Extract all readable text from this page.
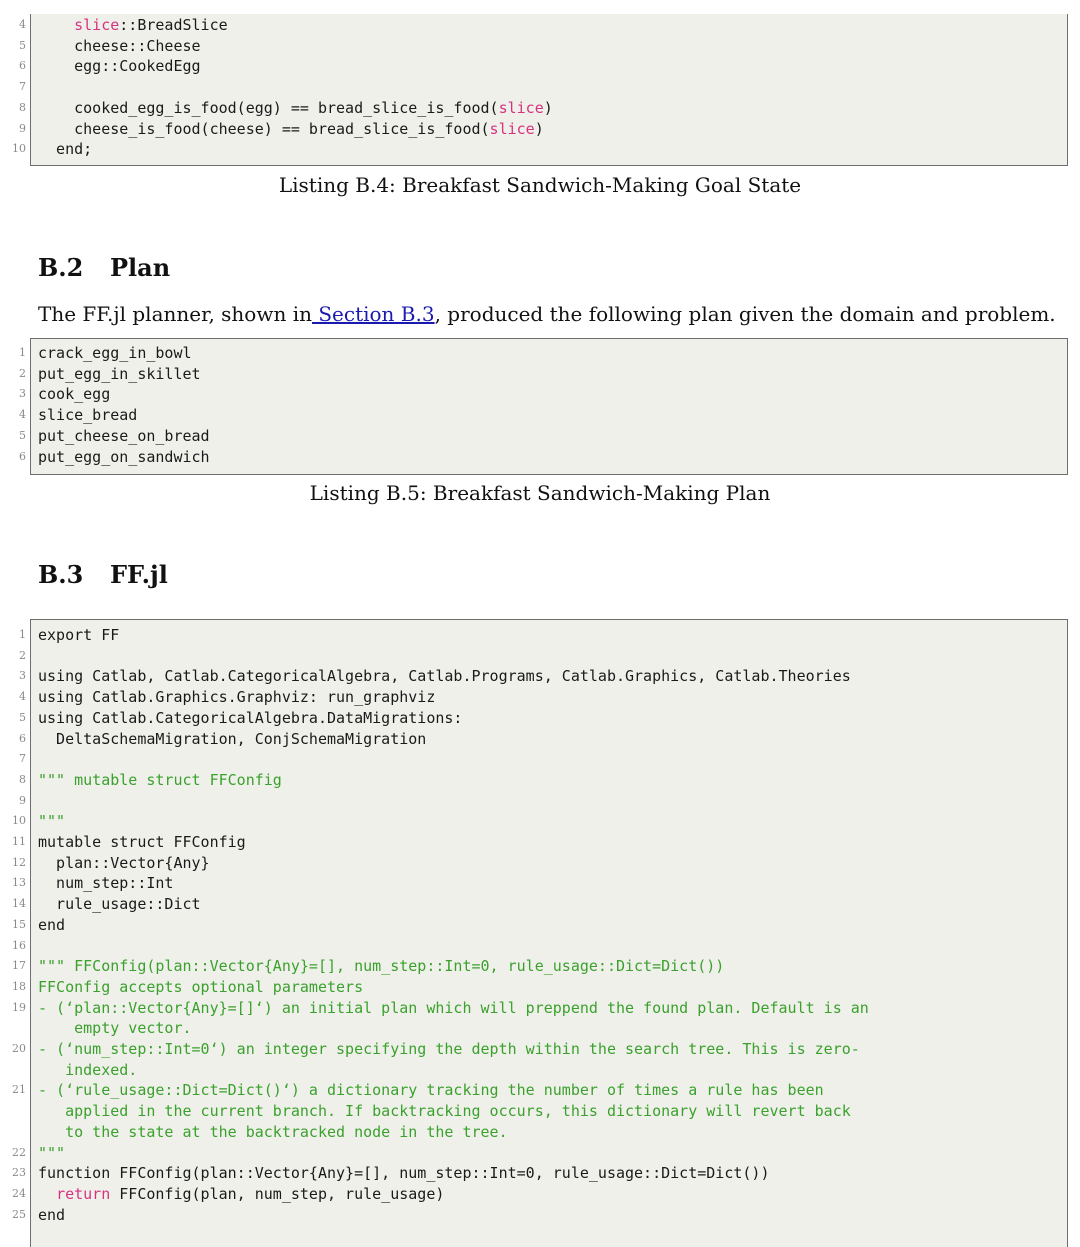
4	slice::BreadSlice
5 cheese::Cheese
6 egg::CookedEgg
7
8 cooked_egg_is_food(egg) == bread_slice_is_food(slice)
9 cheese_is_food(cheese) == bread_slice_is_food(slice)
10 end;
Listing B.4: Breakfast Sandwich-Making Goal State
B.2 Plan
The FF.jl planner, shown in Section B.3, produced the following plan given the domain and problem.
1 crack_egg_in_bowl
2 put_egg_in_skillet
3 cook_egg
4 slice_bread
5 put_cheese_on_bread
6 put_egg_on_sandwich
Listing B.5: Breakfast Sandwich-Making Plan
B.3 FF.jl
1 export FF
2
3 using Catlab, Catlab.CategoricalAlgebra, Catlab.Programs, Catlab.Graphics, Catlab.Theories
4 using Catlab.Graphics.Graphviz: run_graphviz
5 using Catlab.CategoricalAlgebra.DataMigrations:
6 DeltaSchemaMigration, ConjSchemaMigration
7
8 """ mutable struct FFConfig
9
10 """
11 mutable struct FFConfig
12 plan::Vector{Any}
13 num_step::Int
14 rule_usage::Dict
15 end
16
17 """ FFConfig(plan::Vector{Any}=[], num_step::Int=0, rule_usage::Dict=Dict())
18 FFConfig accepts optional parameters
19 - (‘plan::Vector{Any}=[]‘) an initial plan which will preppend the found plan. Default is an
empty vector.
20 - (‘num_step::Int=0‘) an integer specifying the depth within the search tree. This is zero-
indexed.
21 - (‘rule_usage::Dict=Dict()‘) a dictionary tracking the number of times a rule has been
applied in the current branch. If backtracking occurs, this dictionary will revert back
to the state at the backtracked node in the tree.
22 """
23 function FFConfig(plan::Vector{Any}=[], num_step::Int=0, rule_usage::Dict=Dict())
24	return FFConfig(plan, num_step, rule_usage)
25 end
